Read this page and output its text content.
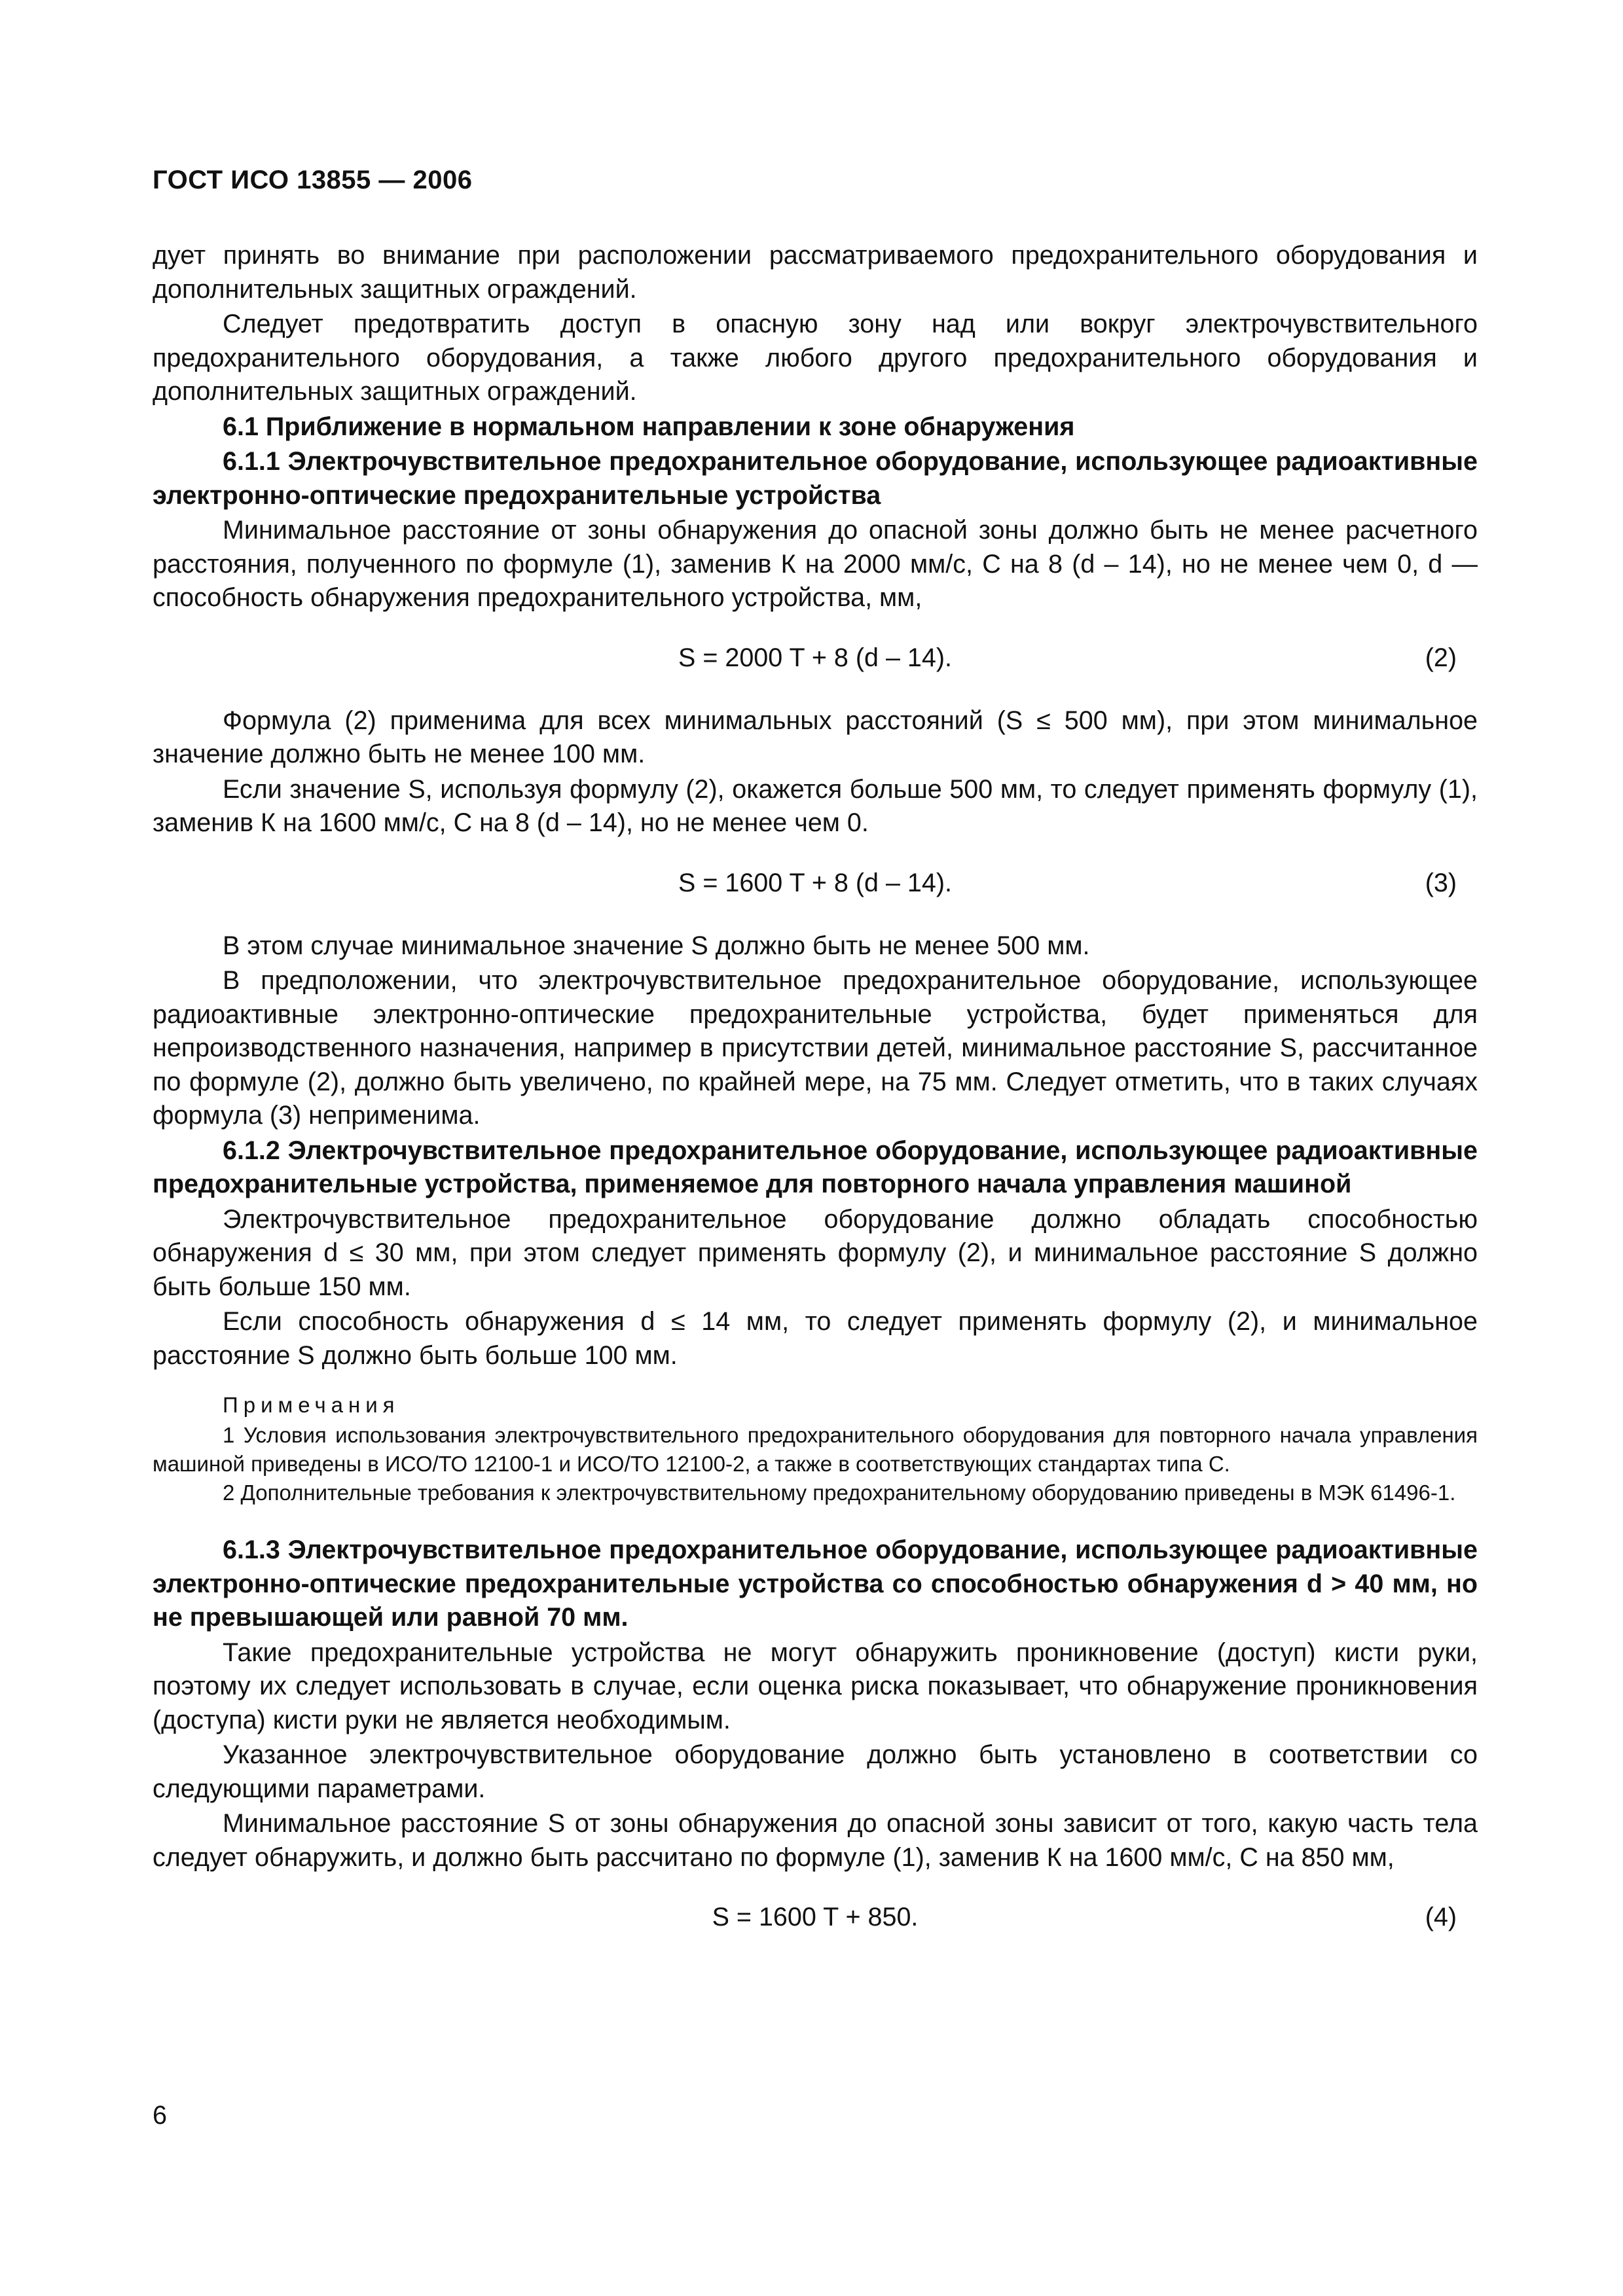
ГОСТ ИСО 13855 — 2006

дует принять во внимание при расположении рассматриваемого предохранительного оборудования и дополнительных защитных ограждений.

Следует предотвратить доступ в опасную зону над или вокруг электрочувствительного предохранительного оборудования, а также любого другого предохранительного оборудования и дополнительных защитных ограждений.

6.1 Приближение в нормальном направлении к зоне обнаружения

6.1.1 Электрочувствительное предохранительное оборудование, использующее радиоактивные электронно-оптические предохранительные устройства

Минимальное расстояние от зоны обнаружения до опасной зоны должно быть не менее расчетного расстояния, полученного по формуле (1), заменив К на 2000 мм/с, С на 8 (d – 14), но не менее чем 0, d — способность обнаружения предохранительного устройства, мм,

S = 2000 T + 8 (d – 14).	(2)

Формула (2) применима для всех минимальных расстояний (S ≤ 500 мм), при этом минимальное значение должно быть не менее 100 мм.

Если значение S, используя формулу (2), окажется больше 500 мм, то следует применять формулу (1), заменив К на 1600 мм/с, С на 8 (d – 14), но не менее чем 0.

S = 1600 T + 8 (d – 14).	(3)

В этом случае минимальное значение S должно быть не менее 500 мм.

В предположении, что электрочувствительное предохранительное оборудование, использующее радиоактивные электронно-оптические предохранительные устройства, будет применяться для непроизводственного назначения, например в присутствии детей, минимальное расстояние S, рассчитанное по формуле (2), должно быть увеличено, по крайней мере, на 75 мм. Следует отметить, что в таких случаях формула (3) неприменима.

6.1.2 Электрочувствительное предохранительное оборудование, использующее радиоактивные предохранительные устройства, применяемое для повторного начала управления машиной

Электрочувствительное предохранительное оборудование должно обладать способностью обнаружения d ≤ 30 мм, при этом следует применять формулу (2), и минимальное расстояние S должно быть больше 150 мм.

Если способность обнаружения d ≤ 14 мм, то следует применять формулу (2), и минимальное расстояние S должно быть больше 100 мм.

Примечания

1 Условия использования электрочувствительного предохранительного оборудования для повторного начала управления машиной приведены в ИСО/ТО 12100-1 и ИСО/ТО 12100-2, а также в соответствующих стандартах типа С.

2 Дополнительные требования к электрочувствительному предохранительному оборудованию приведены в МЭК 61496-1.

6.1.3 Электрочувствительное предохранительное оборудование, использующее радиоактивные электронно-оптические предохранительные устройства со способностью обнаружения d > 40 мм, но не превышающей или равной 70 мм.

Такие предохранительные устройства не могут обнаружить проникновение (доступ) кисти руки, поэтому их следует использовать в случае, если оценка риска показывает, что обнаружение проникновения (доступа) кисти руки не является необходимым.

Указанное электрочувствительное оборудование должно быть установлено в соответствии со следующими параметрами.

Минимальное расстояние S от зоны обнаружения до опасной зоны зависит от того, какую часть тела следует обнаружить, и должно быть рассчитано по формуле (1), заменив К на 1600 мм/с, С на 850 мм,

S = 1600 T + 850.	(4)
6
